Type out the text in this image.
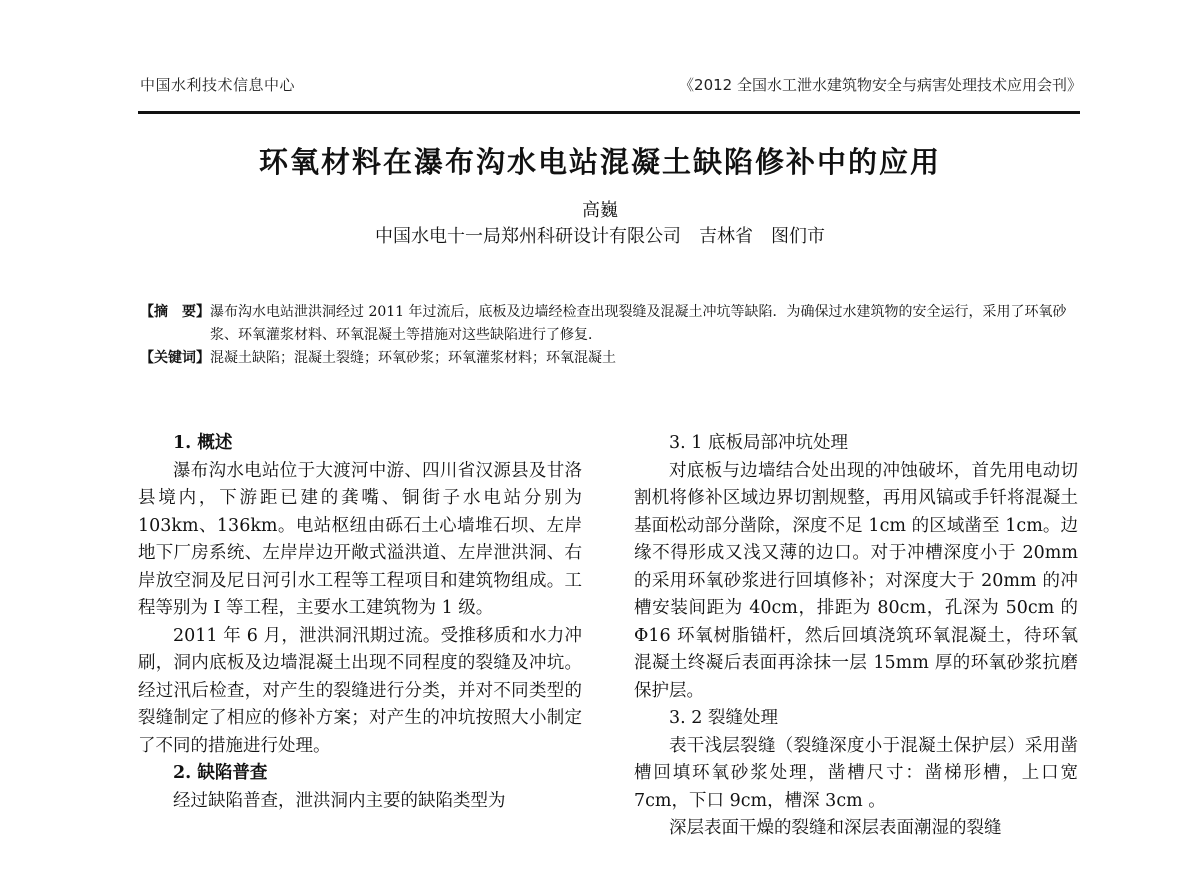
中国水利技术信息中心	《2012 全国水工泄水建筑物安全与病害处理技术应用会刊》
环氧材料在瀑布沟水电站混凝土缺陷修补中的应用
高巍
中国水电十一局郑州科研设计有限公司 吉林省 图们市
【摘　要】 瀑布沟水电站泄洪洞经过 2011 年过流后，底板及边墙经检查出现裂缝及混凝土冲坑等缺陷．为确保过水建筑物的安全运行，采用了环氧砂浆、环氧灌浆材料、环氧混凝土等措施对这些缺陷进行了修复．
【关键词】 混凝土缺陷；混凝土裂缝；环氧砂浆；环氧灌浆材料；环氧混凝土
1. 概述

瀑布沟水电站位于大渡河中游、四川省汉源县及甘洛县境内，下游距已建的龚嘴、铜街子水电站分别为 103km、136km。电站枢纽由砾石土心墙堆石坝、左岸地下厂房系统、左岸岸边开敞式溢洪道、左岸泄洪洞、右岸放空洞及尼日河引水工程等工程项目和建筑物组成。工程等别为 I 等工程，主要水工建筑物为 1 级。

2011 年 6 月，泄洪洞汛期过流。受推移质和水力冲刷，洞内底板及边墙混凝土出现不同程度的裂缝及冲坑。经过汛后检查，对产生的裂缝进行分类，并对不同类型的裂缝制定了相应的修补方案；对产生的冲坑按照大小制定了不同的措施进行处理。

2. 缺陷普查

经过缺陷普查，泄洪洞内主要的缺陷类型为

3. 1 底板局部冲坑处理

对底板与边墙结合处出现的冲蚀破坏，首先用电动切割机将修补区域边界切割规整，再用风镐或手钎将混凝土基面松动部分凿除，深度不足 1cm 的区域凿至 1cm。边缘不得形成又浅又薄的边口。对于冲槽深度小于 20mm 的采用环氧砂浆进行回填修补；对深度大于 20mm 的冲槽安装间距为 40cm，排距为 80cm，孔深为 50cm 的 Φ16 环氧树脂锚杆，然后回填浇筑环氧混凝土，待环氧混凝土终凝后表面再涂抹一层 15mm 厚的环氧砂浆抗磨保护层。

3. 2 裂缝处理

表干浅层裂缝（裂缝深度小于混凝土保护层）采用凿槽回填环氧砂浆处理，凿槽尺寸：凿梯形槽，上口宽 7cm，下口 9cm，槽深 3cm 。

深层表面干燥的裂缝和深层表面潮湿的裂缝
